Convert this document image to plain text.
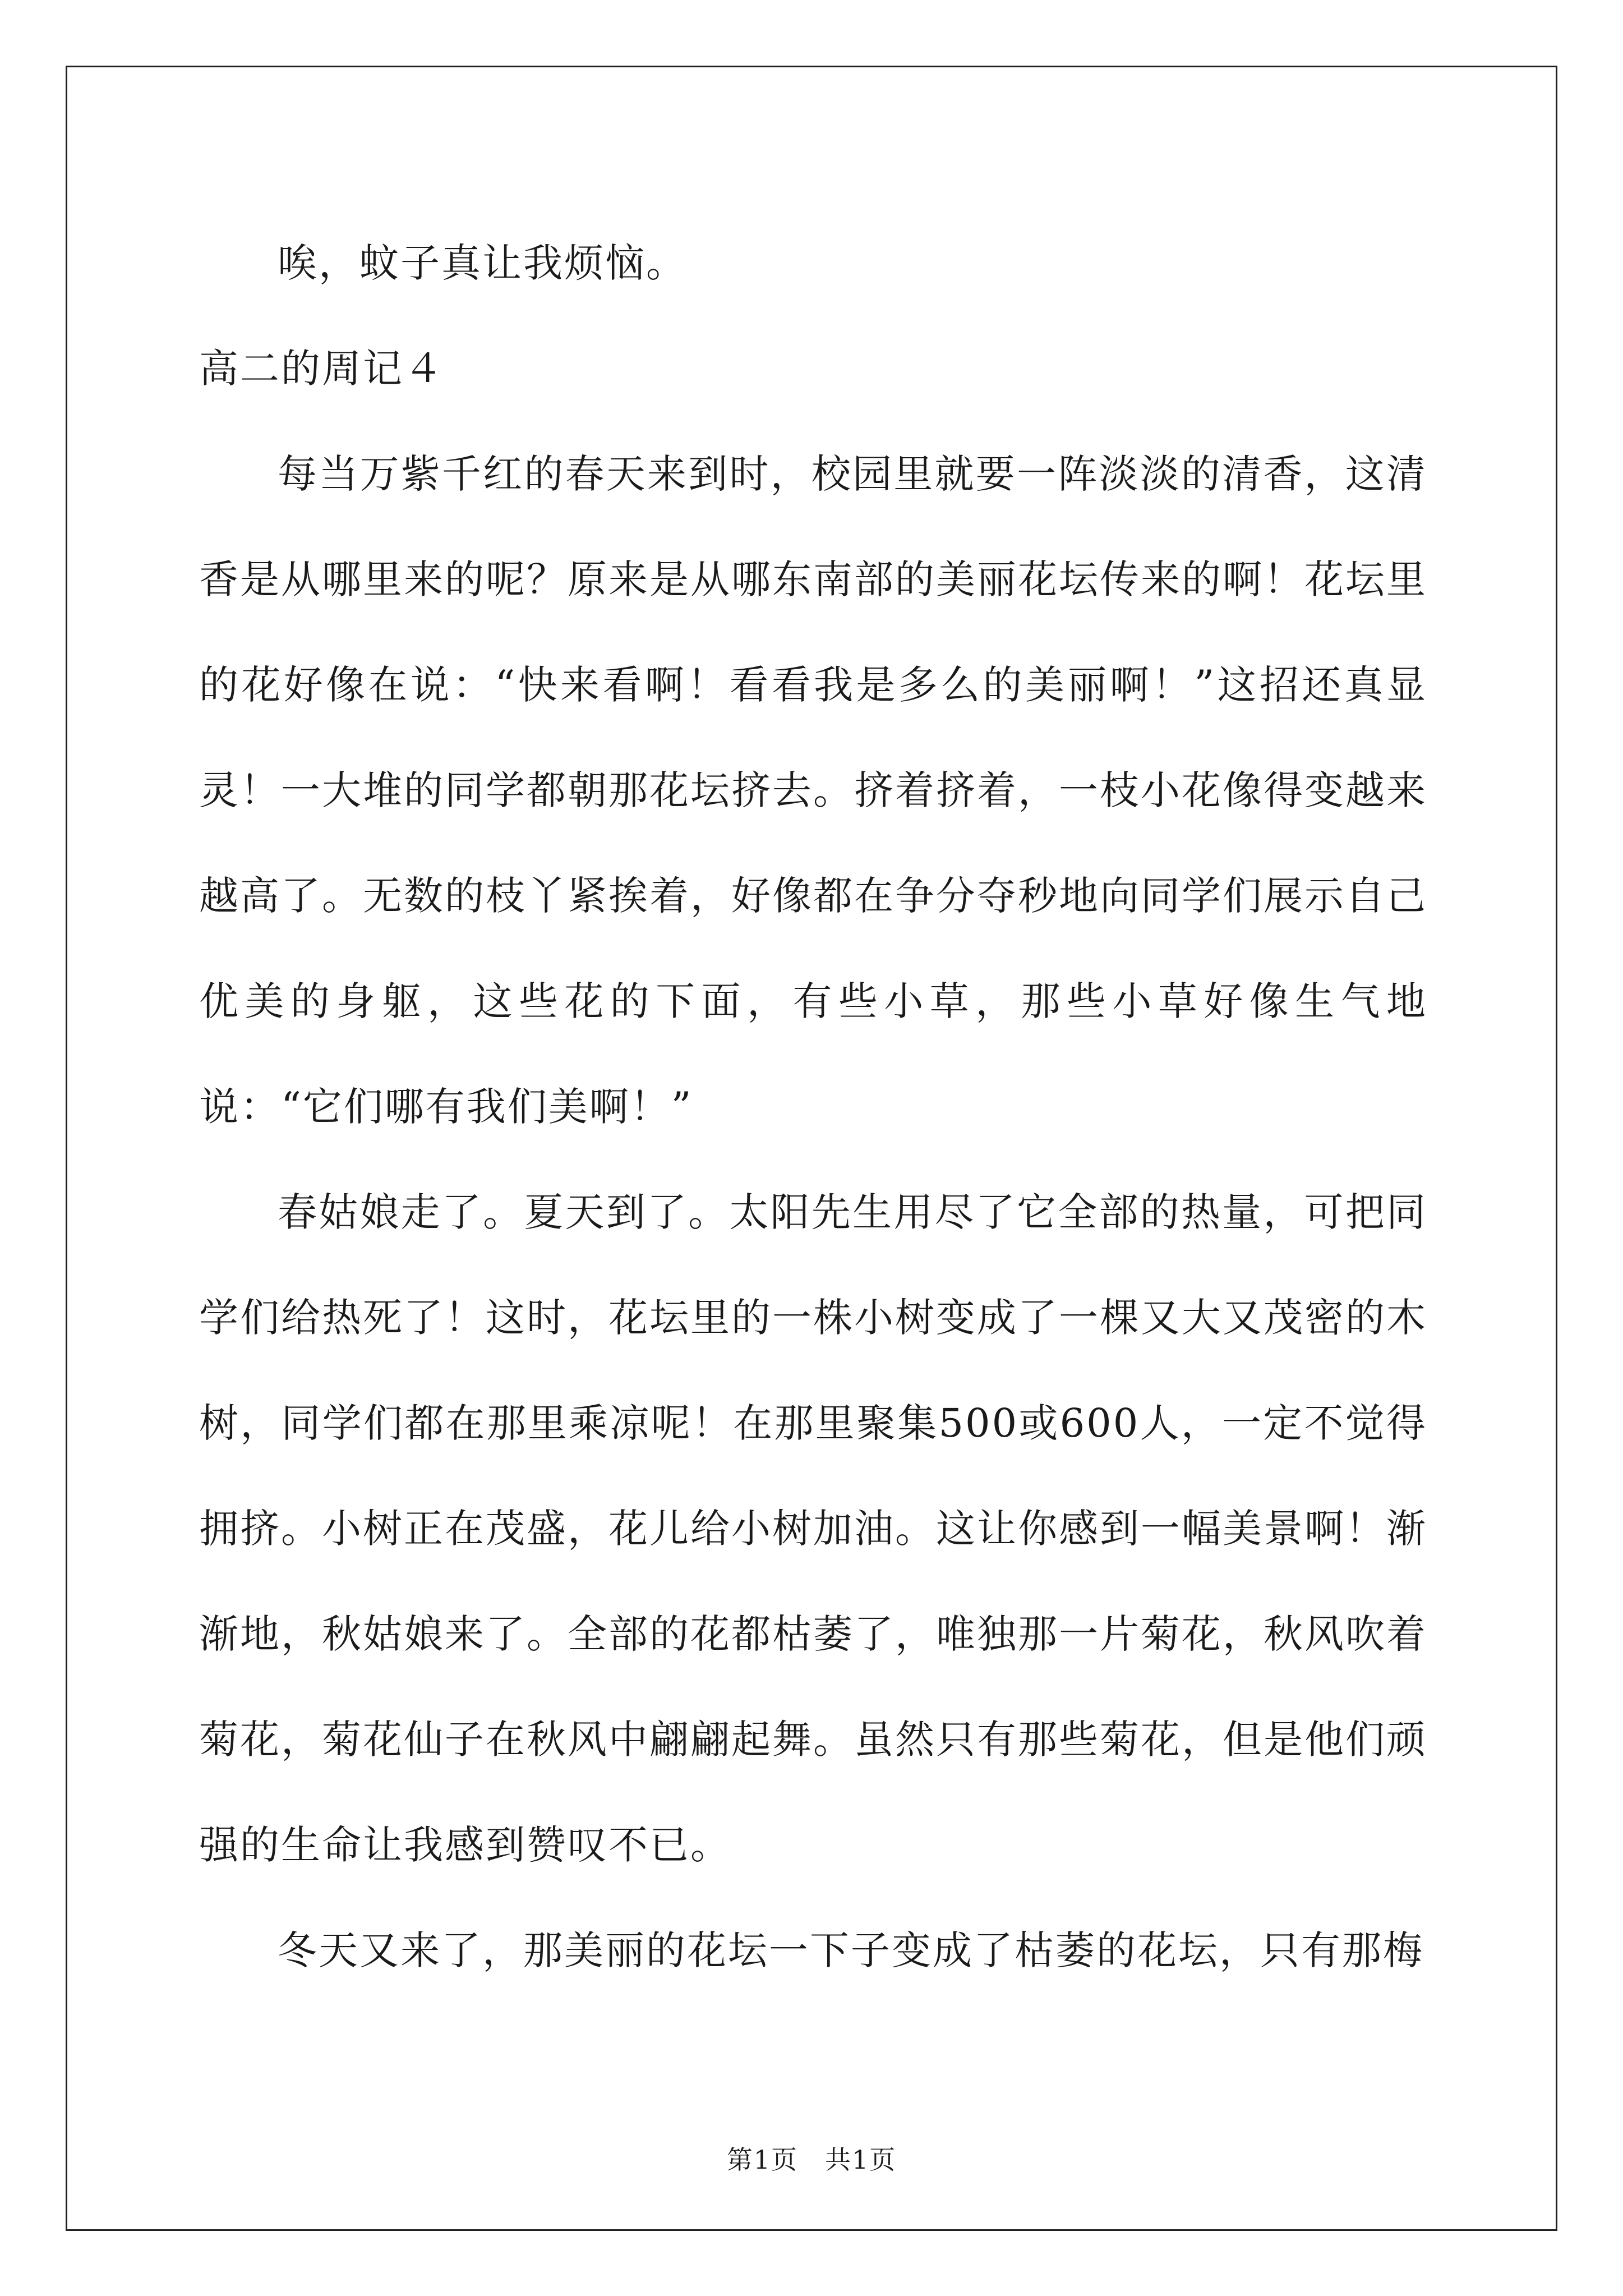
唉，蚊子真让我烦恼。

高二的周记４

每当万紫千红的春天来到时，校园里就要一阵淡淡的清香，这清香是从哪里来的呢？原来是从哪东南部的美丽花坛传来的啊！花坛里的花好像在说：“快来看啊！看看我是多么的美丽啊！”这招还真显灵！一大堆的同学都朝那花坛挤去。挤着挤着，一枝小花像得变越来越高了。无数的枝丫紧挨着，好像都在争分夺秒地向同学们展示自己优美的身躯，这些花的下面，有些小草，那些小草好像生气地说：“它们哪有我们美啊！”

春姑娘走了。夏天到了。太阳先生用尽了它全部的热量，可把同学们给热死了！这时，花坛里的一株小树变成了一棵又大又茂密的木树，同学们都在那里乘凉呢！在那里聚集500或600人，一定不觉得拥挤。小树正在茂盛，花儿给小树加油。这让你感到一幅美景啊！渐渐地，秋姑娘来了。全部的花都枯萎了，唯独那一片菊花，秋风吹着菊花，菊花仙子在秋风中翩翩起舞。虽然只有那些菊花，但是他们顽强的生命让我感到赞叹不已。

冬天又来了，那美丽的花坛一下子变成了枯萎的花坛，只有那梅

第1页　共1页
